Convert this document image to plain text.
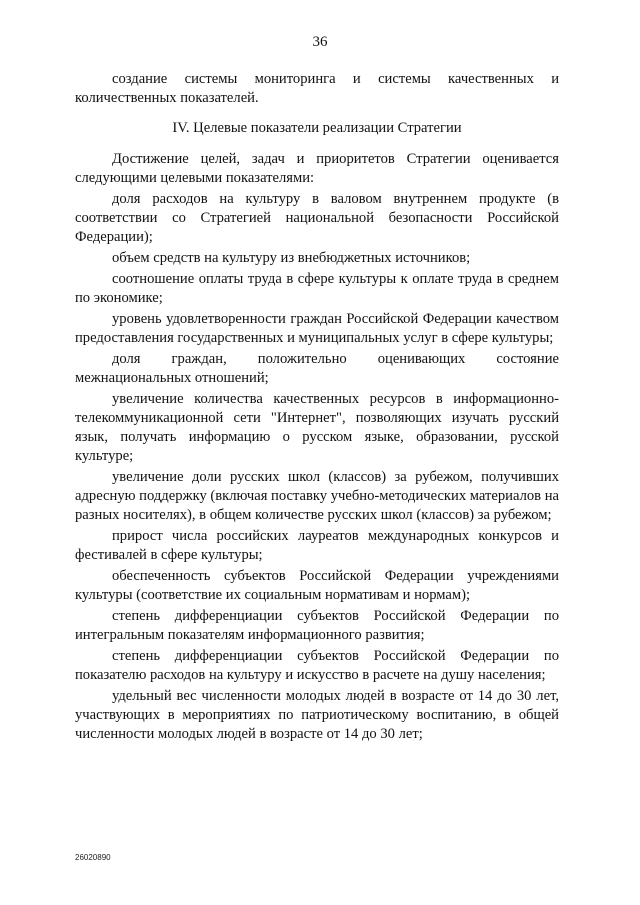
36

создание системы мониторинга и системы качественных и количественных показателей.

IV. Целевые показатели реализации Стратегии

Достижение целей, задач и приоритетов Стратегии оценивается следующими целевыми показателями:

доля расходов на культуру в валовом внутреннем продукте (в соответствии со Стратегией национальной безопасности Российской Федерации);

объем средств на культуру из внебюджетных источников;

соотношение оплаты труда в сфере культуры к оплате труда в среднем по экономике;

уровень удовлетворенности граждан Российской Федерации качеством предоставления государственных и муниципальных услуг в сфере культуры;

доля граждан, положительно оценивающих состояние межнациональных отношений;

увеличение количества качественных ресурсов в информационно-телекоммуникационной сети "Интернет", позволяющих изучать русский язык, получать информацию о русском языке, образовании, русской культуре;

увеличение доли русских школ (классов) за рубежом, получивших адресную поддержку (включая поставку учебно-методических материалов на разных носителях), в общем количестве русских школ (классов) за рубежом;

прирост числа российских лауреатов международных конкурсов и фестивалей в сфере культуры;

обеспеченность субъектов Российской Федерации учреждениями культуры (соответствие их социальным нормативам и нормам);

степень дифференциации субъектов Российской Федерации по интегральным показателям информационного развития;

степень дифференциации субъектов Российской Федерации по показателю расходов на культуру и искусство в расчете на душу населения;

удельный вес численности молодых людей в возрасте от 14 до 30 лет, участвующих в мероприятиях по патриотическому воспитанию, в общей численности молодых людей в возрасте от 14 до 30 лет;

26020890
